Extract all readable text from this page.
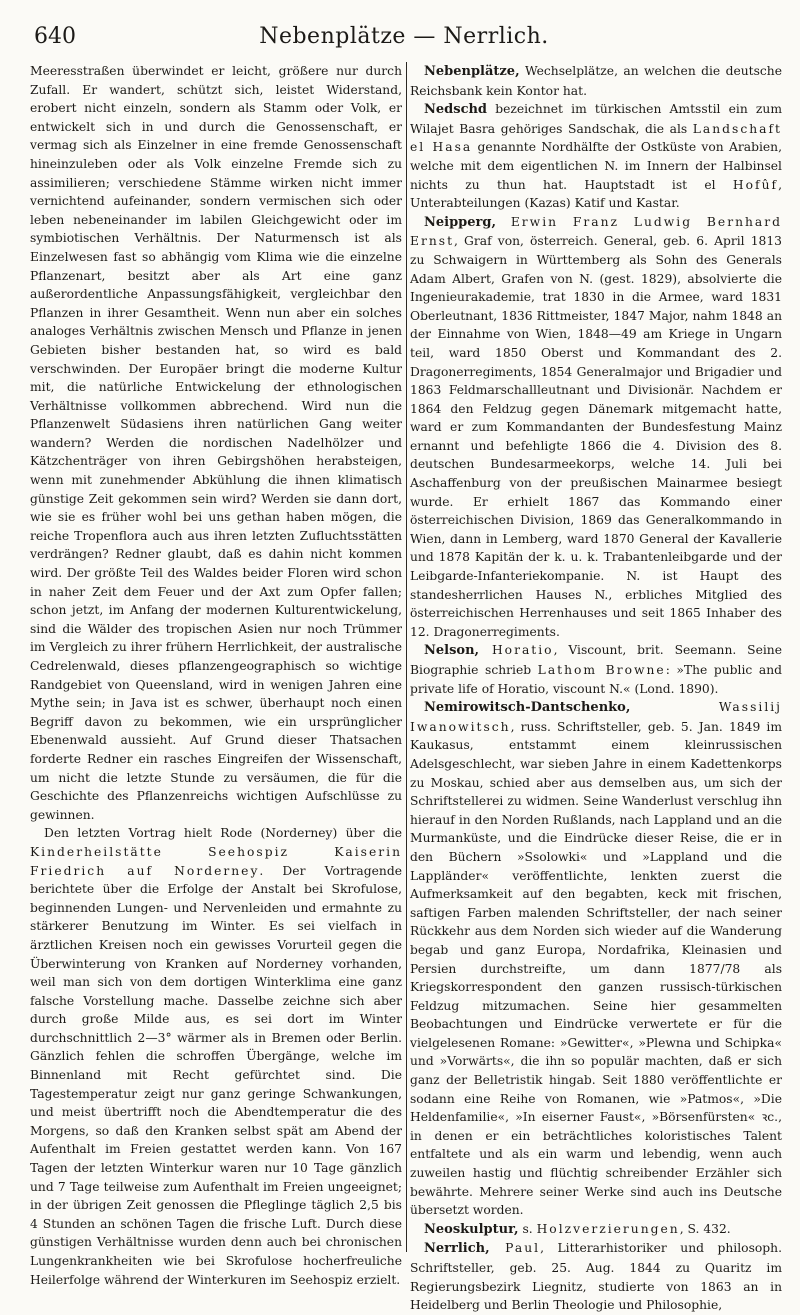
640	Nebenplätze — Nerrlich.

Meeresstraßen überwindet er leicht, größere nur durch Zufall. Er wandert, schützt sich, leistet Widerstand, erobert nicht einzeln, sondern als Stamm oder Volk, er entwickelt sich in und durch die Genossenschaft, er vermag sich als Einzelner in eine fremde Genossenschaft hineinzuleben oder als Volk einzelne Fremde sich zu assimilieren; verschiedene Stämme wirken nicht immer vernichtend aufeinander, sondern vermischen sich oder leben nebeneinander im labilen Gleichgewicht oder im symbiotischen Verhältnis. Der Naturmensch ist als Einzelwesen fast so abhängig vom Klima wie die einzelne Pflanzenart, besitzt aber als Art eine ganz außerordentliche Anpassungsfähigkeit, vergleichbar den Pflanzen in ihrer Gesamtheit. Wenn nun aber ein solches analoges Verhältnis zwischen Mensch und Pflanze in jenen Gebieten bisher bestanden hat, so wird es bald verschwinden. Der Europäer bringt die moderne Kultur mit, die natürliche Entwickelung der ethnologischen Verhältnisse vollkommen abbrechend. Wird nun die Pflanzenwelt Südasiens ihren natürlichen Gang weiter wandern? Werden die nordischen Nadelhölzer und Kätzchenträger von ihren Gebirgshöhen herabsteigen, wenn mit zunehmender Abkühlung die ihnen klimatisch günstige Zeit gekommen sein wird? Werden sie dann dort, wie sie es früher wohl bei uns gethan haben mögen, die reiche Tropenflora auch aus ihren letzten Zufluchtsstätten verdrängen? Redner glaubt, daß es dahin nicht kommen wird. Der größte Teil des Waldes beider Floren wird schon in naher Zeit dem Feuer und der Axt zum Opfer fallen; schon jetzt, im Anfang der modernen Kulturentwickelung, sind die Wälder des tropischen Asien nur noch Trümmer im Vergleich zu ihrer frühern Herrlichkeit, der australische Cedrelenwald, dieses pflanzengeographisch so wichtige Randgebiet von Queensland, wird in wenigen Jahren eine Mythe sein; in Java ist es schwer, überhaupt noch einen Begriff davon zu bekommen, wie ein ursprünglicher Ebenenwald aussieht. Auf Grund dieser Thatsachen forderte Redner ein rasches Eingreifen der Wissenschaft, um nicht die letzte Stunde zu versäumen, die für die Geschichte des Pflanzenreichs wichtigen Aufschlüsse zu gewinnen.

Den letzten Vortrag hielt Rode (Norderney) über die Kinderheilstätte Seehospiz Kaiserin Friedrich auf Norderney. Der Vortragende berichtete über die Erfolge der Anstalt bei Skrofulose, beginnenden Lungen- und Nervenleiden und ermahnte zu stärkerer Benutzung im Winter. Es sei vielfach in ärztlichen Kreisen noch ein gewisses Vorurteil gegen die Überwinterung von Kranken auf Norderney vorhanden, weil man sich von dem dortigen Winterklima eine ganz falsche Vorstellung mache. Dasselbe zeichne sich aber durch große Milde aus, es sei dort im Winter durchschnittlich 2—3° wärmer als in Bremen oder Berlin. Gänzlich fehlen die schroffen Übergänge, welche im Binnenland mit Recht gefürchtet sind. Die Tagestemperatur zeigt nur ganz geringe Schwankungen, und meist übertrifft noch die Abendtemperatur die des Morgens, so daß den Kranken selbst spät am Abend der Aufenthalt im Freien gestattet werden kann. Von 167 Tagen der letzten Winterkur waren nur 10 Tage gänzlich und 7 Tage teilweise zum Aufenthalt im Freien ungeeignet; in der übrigen Zeit genossen die Pfleglinge täglich 2,5 bis 4 Stunden an schönen Tagen die frische Luft. Durch diese günstigen Verhältnisse wurden denn auch bei chronischen Lungenkrankheiten wie bei Skrofulose hocherfreuliche Heilerfolge während der Winterkuren im Seehospiz erzielt.

Nebenplätze, Wechselplätze, an welchen die deutsche Reichsbank kein Kontor hat.

Nedschd bezeichnet im türkischen Amtsstil ein zum Wilajet Basra gehöriges Sandschak, die als Landschaft el Hasa genannte Nordhälfte der Ostküste von Arabien, welche mit dem eigentlichen N. im Innern der Halbinsel nichts zu thun hat. Hauptstadt ist el Hofûf, Unterabteilungen (Kazas) Katif und Kastar.

Neipperg, Erwin Franz Ludwig Bernhard Ernst, Graf von, österreich. General, geb. 6. April 1813 zu Schwaigern in Württemberg als Sohn des Generals Adam Albert, Grafen von N. (gest. 1829), absolvierte die Ingenieurakademie, trat 1830 in die Armee, ward 1831 Oberleutnant, 1836 Rittmeister, 1847 Major, nahm 1848 an der Einnahme von Wien, 1848—49 am Kriege in Ungarn teil, ward 1850 Oberst und Kommandant des 2. Dragonerregiments, 1854 Generalmajor und Brigadier und 1863 Feldmarschallleutnant und Divisionär. Nachdem er 1864 den Feldzug gegen Dänemark mitgemacht hatte, ward er zum Kommandanten der Bundesfestung Mainz ernannt und befehligte 1866 die 4. Division des 8. deutschen Bundesarmeekorps, welche 14. Juli bei Aschaffenburg von der preußischen Mainarmee besiegt wurde. Er erhielt 1867 das Kommando einer österreichischen Division, 1869 das Generalkommando in Wien, dann in Lemberg, ward 1870 General der Kavallerie und 1878 Kapitän der k. u. k. Trabantenleibgarde und der Leibgarde-Infanteriekompanie. N. ist Haupt des standesherrlichen Hauses N., erbliches Mitglied des österreichischen Herrenhauses und seit 1865 Inhaber des 12. Dragonerregiments.

Nelson, Horatio, Viscount, brit. Seemann. Seine Biographie schrieb Lathom Browne: »The public and private life of Horatio, viscount N.« (Lond. 1890).

Nemirowitsch-Dantschenko, Wassilij Iwanowitsch, russ. Schriftsteller, geb. 5. Jan. 1849 im Kaukasus, entstammt einem kleinrussischen Adelsgeschlecht, war sieben Jahre in einem Kadettenkorps zu Moskau, schied aber aus demselben aus, um sich der Schriftstellerei zu widmen. Seine Wanderlust verschlug ihn hierauf in den Norden Rußlands, nach Lappland und an die Murmanküste, und die Eindrücke dieser Reise, die er in den Büchern »Ssolowki« und »Lappland und die Lappländer« veröffentlichte, lenkten zuerst die Aufmerksamkeit auf den begabten, keck mit frischen, saftigen Farben malenden Schriftsteller, der nach seiner Rückkehr aus dem Norden sich wieder auf die Wanderung begab und ganz Europa, Nordafrika, Kleinasien und Persien durchstreifte, um dann 1877/78 als Kriegskorrespondent den ganzen russisch-türkischen Feldzug mitzumachen. Seine hier gesammelten Beobachtungen und Eindrücke verwertete er für die vielgelesenen Romane: »Gewitter«, »Plewna und Schipka« und »Vorwärts«, die ihn so populär machten, daß er sich ganz der Belletristik hingab. Seit 1880 veröffentlichte er sodann eine Reihe von Romanen, wie »Patmos«, »Die Heldenfamilie«, »In eiserner Faust«, »Börsenfürsten« ꝛc., in denen er ein beträchtliches koloristisches Talent entfaltete und als ein warm und lebendig, wenn auch zuweilen hastig und flüchtig schreibender Erzähler sich bewährte. Mehrere seiner Werke sind auch ins Deutsche übersetzt worden.

Neoskulptur, s. Holzverzierungen, S. 432.

Nerrlich, Paul, Litterarhistoriker und philosoph. Schriftsteller, geb. 25. Aug. 1844 zu Quaritz im Regierungsbezirk Liegnitz, studierte von 1863 an in Heidelberg und Berlin Theologie und Philosophie,
